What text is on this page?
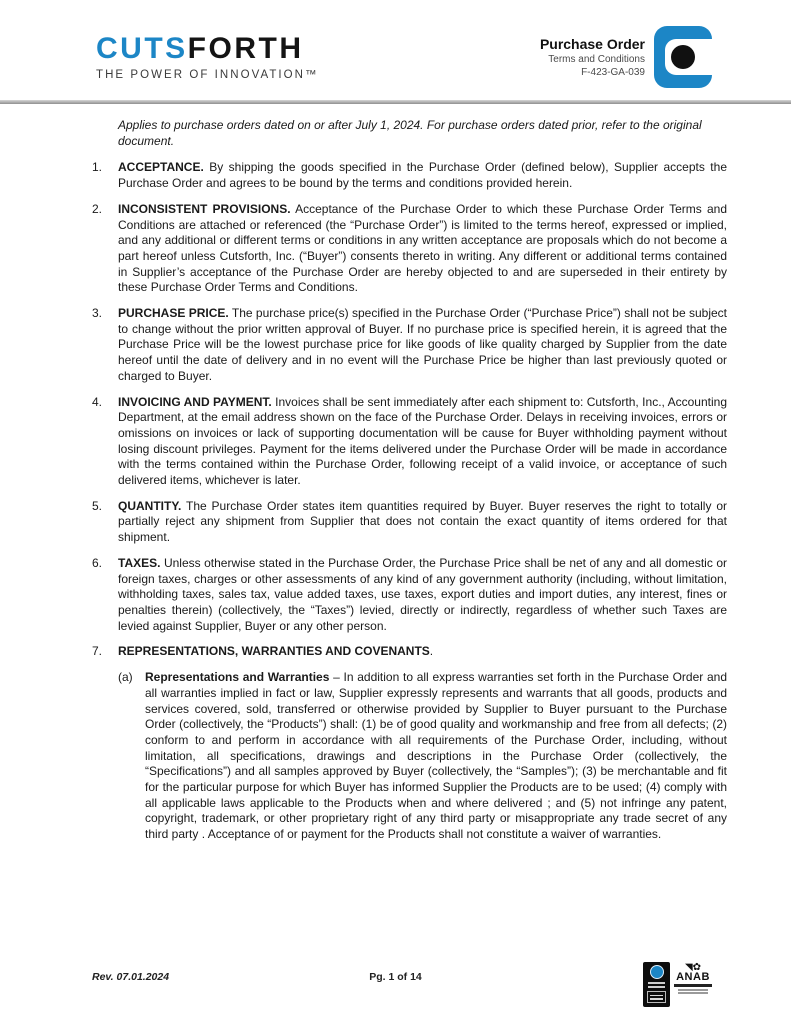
CUTSFORTH
THE POWER OF INNOVATION™
Purchase Order
Terms and Conditions
F-423-GA-039

Applies to purchase orders dated on or after July 1, 2024. For purchase orders dated prior, refer to the original document.

1. ACCEPTANCE. By shipping the goods specified in the Purchase Order (defined below), Supplier accepts the Purchase Order and agrees to be bound by the terms and conditions provided herein.

2. INCONSISTENT PROVISIONS. Acceptance of the Purchase Order to which these Purchase Order Terms and Conditions are attached or referenced (the “Purchase Order”) is limited to the terms hereof, expressed or implied, and any additional or different terms or conditions in any written acceptance are proposals which do not become a part hereof unless Cutsforth, Inc. (“Buyer”) consents thereto in writing. Any different or additional terms contained in Supplier’s acceptance of the Purchase Order are hereby objected to and are superseded in their entirety by these Purchase Order Terms and Conditions.

3. PURCHASE PRICE. The purchase price(s) specified in the Purchase Order (“Purchase Price”) shall not be subject to change without the prior written approval of Buyer. If no purchase price is specified herein, it is agreed that the Purchase Price will be the lowest purchase price for like goods of like quality charged by Supplier from the date hereof until the date of delivery and in no event will the Purchase Price be higher than last previously quoted or charged to Buyer.

4. INVOICING AND PAYMENT. Invoices shall be sent immediately after each shipment to: Cutsforth, Inc., Accounting Department, at the email address shown on the face of the Purchase Order. Delays in receiving invoices, errors or omissions on invoices or lack of supporting documentation will be cause for Buyer withholding payment without losing discount privileges. Payment for the items delivered under the Purchase Order will be made in accordance with the terms contained within the Purchase Order, following receipt of a valid invoice, or acceptance of such delivered items, whichever is later.

5. QUANTITY. The Purchase Order states item quantities required by Buyer. Buyer reserves the right to totally or partially reject any shipment from Supplier that does not contain the exact quantity of items ordered for that shipment.

6. TAXES. Unless otherwise stated in the Purchase Order, the Purchase Price shall be net of any and all domestic or foreign taxes, charges or other assessments of any kind of any government authority (including, without limitation, withholding taxes, sales tax, value added taxes, use taxes, export duties and import duties, any interest, fines or penalties therein) (collectively, the “Taxes”) levied, directly or indirectly, regardless of whether such Taxes are levied against Supplier, Buyer or any other person.

7. REPRESENTATIONS, WARRANTIES AND COVENANTS.

(a) Representations and Warranties – In addition to all express warranties set forth in the Purchase Order and all warranties implied in fact or law, Supplier expressly represents and warrants that all goods, products and services covered, sold, transferred or otherwise provided by Supplier to Buyer pursuant to the Purchase Order (collectively, the “Products”) shall: (1) be of good quality and workmanship and free from all defects; (2) conform to and perform in accordance with all requirements of the Purchase Order, including, without limitation, all specifications, drawings and descriptions in the Purchase Order (collectively, the “Specifications”) and all samples approved by Buyer (collectively, the “Samples”); (3) be merchantable and fit for the particular purpose for which Buyer has informed Supplier the Products are to be used; (4) comply with all applicable laws applicable to the Products when and where delivered ; and (5) not infringe any patent, copyright, trademark, or other proprietary right of any third party or misappropriate any trade secret of any third party . Acceptance of or payment for the Products shall not constitute a waiver of warranties.

Rev. 07.01.2024	Pg. 1 of 14
◥✿
ANAB
